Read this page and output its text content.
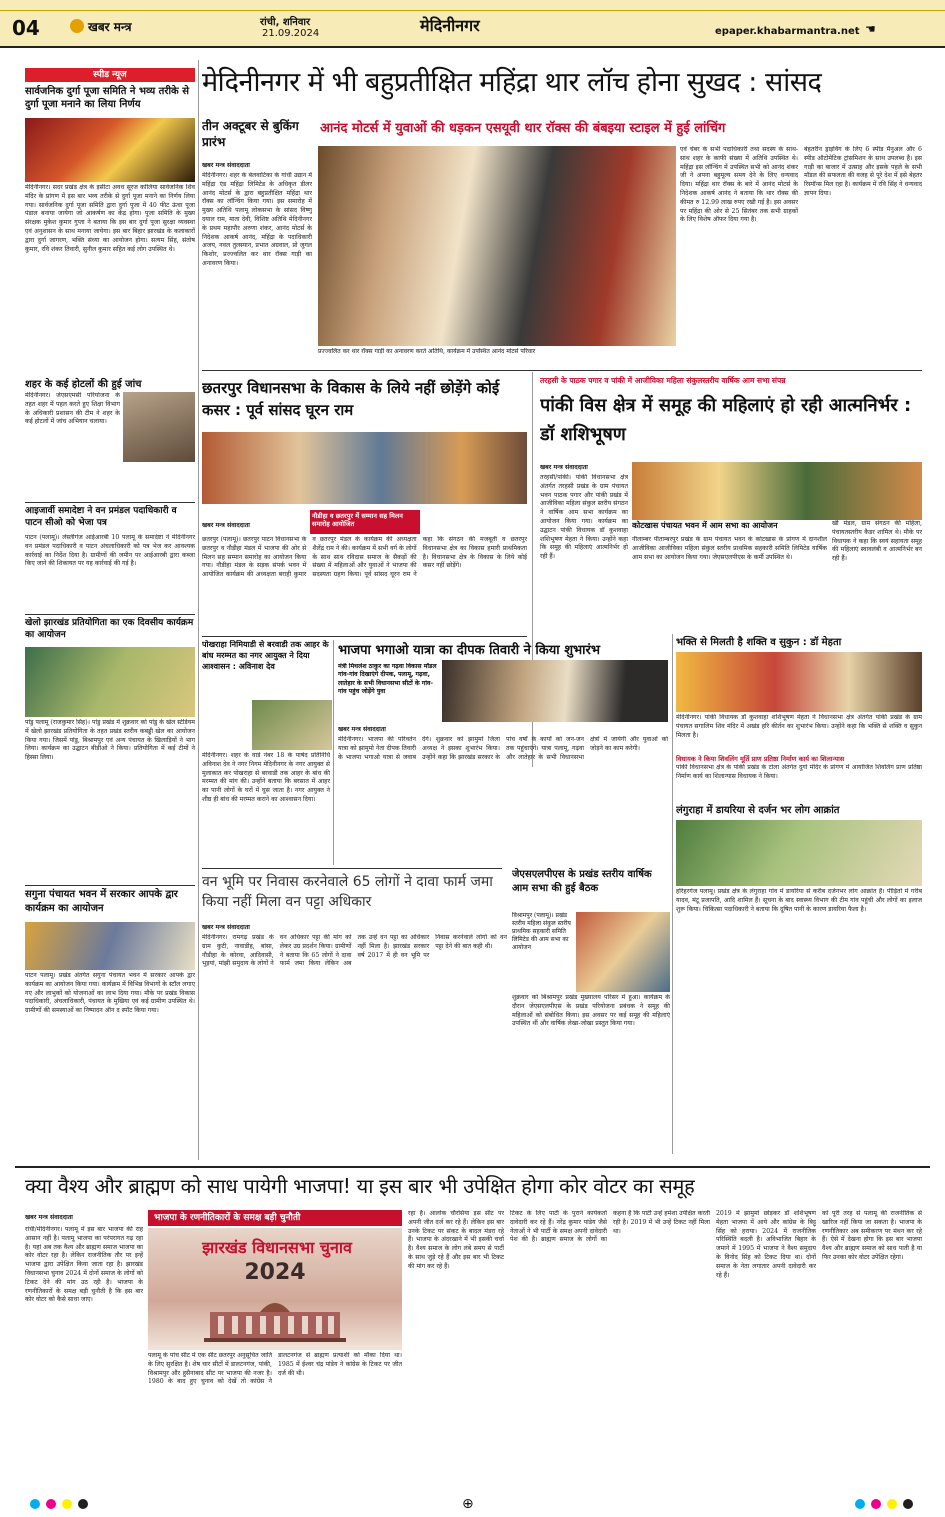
04	खबर मन्त्र	रांची, शनिवार
21.09.2024	मेदिनीनगर	epaper.khabarmantra.net ☚
स्पीड न्यूज
सार्वजनिक दुर्गा पूजा समिति ने भव्य तरीके से दुर्गा पूजा मनाने का लिया निर्णय
मेदिनीनगर। सदर प्रखंड क्षेत्र के इसीटा अवध सूरज कोलिया सार्वजनिक शिव मंदिर के प्रांगण में इस बार भव्य तरीके से दुर्गा पूजा मनाने का निर्णय लिया गया। सार्वजनिक दुर्गा पूजा समिति द्वारा दुर्गा पूजा में 40 फीट ऊंचा पूजा पंडाल बनाया जायेगा जो आकर्षण का केंद्र होगा। पूजा समिति के मुख्य संरक्षक मुकेश कुमार गुप्ता ने बताया कि इस बार दुर्गा पूजा सुरक्षा व्यवस्था एवं अनुशासन के साथ मनाया जायेगा। इस बार बिहार झारखंड के कलाकारों द्वारा दुर्गा जागरण, भक्ति संध्या का आयोजन होगा। सत्यम सिंह, संतोष कुमार, रवि शंकर तिवारी, सुनील कुमार सहित कई लोग उपस्थित थे।
शहर के कई होटलों की हुई जांच
मेदिनीनगर। जेएसएमसी परियोजना के तहत शहर में पहल करते हुए शिक्षा विभाग के अधिकारी प्रशासन की टीम ने शहर के कई होटलों में जांच अभियान चलाया।
आइजार्वी समादेष्टा ने वन प्रमंडल पदाधिकारी व पाटन सीओ को भेजा पत्र
पाटन (पलामू)। लेस्लीगंज आईआरबी 10 पलामू के समादेष्टा ने मेदिनीनगर वन प्रमंडल पदाधिकारी व पाटन अंचलाधिकारी को पत्र भेज कर आवश्यक कार्रवाई का निर्देश दिया है। ग्रामीणों की जमीन पर आईआरबी द्वारा कब्जा किए जाने की शिकायत पर यह कार्रवाई की गई है।
खेलो झारखंड प्रतियोगिता का एक दिवसीय कार्यक्रम का आयोजन
पांडु पलामू (राजकुमार सिंह)। पांडु प्रखंड में शुक्रवार को पांडु के खेल स्टेडियम में खेलो झारखंड प्रतियोगिता के तहत प्रखंड स्तरीय कबड्डी खेल का आयोजन किया गया। जिसमें पांडु, बिश्रामपुर एवं अन्य पंचायत के खिलाड़ियों ने भाग लिया। कार्यक्रम का उद्घाटन बीडीओ ने किया। प्रतियोगिता में कई टीमों ने हिस्सा लिया।
सगुना पंचायत भवन में सरकार आपके द्वार कार्यक्रम का आयोजन
पाटन पलामू। प्रखंड अंतर्गत सगुना पंचायत भवन में सरकार आपके द्वार कार्यक्रम का आयोजन किया गया। कार्यक्रम में विभिन्न विभागों के स्टॉल लगाए गए और लाभुकों को योजनाओं का लाभ दिया गया। मौके पर प्रखंड विकास पदाधिकारी, अंचलाधिकारी, पंचायत के मुखिया एवं कई ग्रामीण उपस्थित थे। ग्रामीणों की समस्याओं का निष्पादन ऑन द स्पॉट किया गया।
मेदिनीनगर में भी बहुप्रतीक्षित महिंद्रा थार लॉच होना सुखद : सांसद
तीन अक्टूबर से बुकिंग प्रारंभ
आनंद मोटर्स में युवाओं की धड़कन एसयूवी थार रॉक्स की बंबइया स्टाइल में हुई लांचिंग
खबर मन्त्र संवाददाता
मेदिनीनगर। शहर के बेलवाटिका के गांधी उद्यान में महिंद्रा एंड महिंद्रा लिमिटेड के अधिकृत डीलर आनंद मोटर्स के द्वारा बहुप्रतीक्षित महिंद्रा थार रॉक्स का लॉन्चिंग किया गया। इस समारोह में मुख्य अतिथि पलामू लोकसभा के सांसद विष्णु दयाल राम, माता देवी, विशिष्ट अतिथि मेदिनीनगर के प्रथम महापौर अरुणा शंकर, आनंद मोटर्स के निदेशक आकर्ष आनंद, महिंद्रा के पदाधिकारी अजय, नवल तुलस्यान, प्रभात अग्रवाल, प्रो जुगल किशोर, प्रज्ज्वलित कर थार रॉक्स गाड़ी का अनावरण किया।
प्रज्ज्वलित कर थार रॉक्स गाड़ी का अनावरण करते अतिथि, कार्यक्रम में उपस्थित आनंद मोटर्स परिवार
एवं चेंबर के सभी पदाधिकारी तथा सदस्य के साथ-साथ शहर के काफी संख्या में अतिथि उपस्थित थे। महिंद्रा इस लॉन्चिंग में उपस्थित सभी को आनंद शंकर जी ने अपना बहुमूल्य समय देने के लिए धन्यवाद दिया। महिंद्रा थार रॉक्स के बारे में आनंद मोटर्स के निदेशक आकर्ष आनंद ने बताया कि थार रॉक्स की कीमत रु 12.99 लाख रुपए रखी गई है। इस अवसर पर महिंद्रा की ओर से 25 सितंबर तक सभी ग्राहकों के लिए विशेष ऑफर दिया गया है।
बेहतरीन ड्राइविंग के लिए 6 स्पीड मैनुअल और 6 स्पीड ऑटोमेटिक ट्रांसमिशन के साथ उपलब्ध है। इस गाड़ी का बाजार में उत्साह और इसके पहले के सभी मॉडल की सफलता की वजह से पूरे देश में इसे बेहतर रिस्पॉन्स मिल रहा है। कार्यक्रम में रवि सिंह ने धन्यवाद ज्ञापन दिया।
छतरपुर विधानसभा के विकास के लिये नहीं छोड़ेंगे कोई कसर : पूर्व सांसद घूरन राम
नौडीहा व छतरपुर में सम्मान सह मिलन समारोह आयोजित
खबर मन्त्र संवाददाता
छतरपुर (पलामू)। छतरपुर पाटन विधानसभा के छतरपुर व नौडीहा मंडल में भाजपा की ओर से मिलन सह सम्मान समारोह का आयोजन किया गया। नौडीहा मंडल के सड़क संपर्क भवन में आयोजित कार्यक्रम की अध्यक्षता बराही कुमार व छतरपुर मंडल के कार्यक्रम की अध्यक्षता शैलेंद्र राम ने की। कार्यक्रम में सभी वर्ग के लोगों के साथ साथ रविदास समाज के सैकड़ों की संख्या में महिलाओं और युवाओं ने भाजपा की सदस्यता ग्रहण किया। पूर्व सांसद घूरन राम ने कहा कि संगठन की मजबूती व छतरपुर विधानसभा क्षेत्र का विकास हमारी प्राथमिकता है। विधानसभा क्षेत्र के विकास के लिये कोई कसर नहीं छोड़ेंगे।
तरहसी के पाठक पगार व पांकी में आजीविका महिला संकुलस्तरीय वार्षिक आम सभा संपन्न
पांकी विस क्षेत्र में समूह की महिलाएं हो रही आत्मनिर्भर : डॉ शशिभूषण
खबर मन्त्र संवाददाता
तरहसी/पांकी। पांकी विधानसभा क्षेत्र अंतर्गत तरहसी प्रखंड के ग्राम पंचायत भवन पाठक पगार और पांकी प्रखंड में आजीविका महिला संकुल स्तरीय संगठन ने वार्षिक आम सभा कार्यक्रम का आयोजन किया गया। कार्यक्रम का उद्घाटन पांकी विधायक डॉ कुशवाहा शशिभूषण मेहता ने किया। उन्होंने कहा कि समूह की महिलाएं आत्मनिर्भर हो रही हैं।
कोटखास पंचायत भवन में आम सभा का आयोजन
नीलाम्बर पीताम्बरपुर प्रखंड के ग्राम पंचायत भवन के कोटखास के प्रांगण में दानशील आजीविका आजीविका महिला संकुल स्तरीय प्राथमिक सहकारी समिति लिमिटेड वार्षिक आम सभा का आयोजन किया गया। जेएसएलपीएस के कर्मी उपस्थित थे।
खी मंडल, ग्राम संगठन की महिला, पंचायतस्तरीय कैडर शामिल थे। मौके पर विधायक ने कहा कि स्वयं सहायता समूह की महिलाएं स्वावलंबी व आत्मनिर्भर बन रही हैं।
पोखराहा निमियाडी से बरवाडी तक आहर के बांध मरम्मत का नगर आयुक्त ने दिया आश्वासन : अविनाश देव
मेदिनीनगर। शहर के वार्ड नंबर 18 के पार्षद प्रतिनिधि अविनाश देव ने नगर निगम मेदिनीनगर के नगर आयुक्त से मुलाकात कर पोखराहा से बरवाडी तक आहर के बांध की मरम्मत की मांग की। उन्होंने बताया कि बरसात में आहर का पानी लोगों के घरों में घुस जाता है। नगर आयुक्त ने शीघ्र ही बांध की मरम्मत कराने का आश्वासन दिया।
भाजपा भगाओ यात्रा का दीपक तिवारी ने किया शुभारंभ
मंत्री मिथलेश ठाकुर का गढ़वा विकास मॉडल गांव-गांव दिखाएंगे दीपक, पलामू, गढ़वा, लातेहार के सभी विधानसभा सीटों के गांव-गांव पहुंच जोड़ेंगे युवा
खबर मन्त्र संवाददाता
मेदिनीनगर। भाजपा की परिवर्तन यात्रा को झामुमो नेता दीपक तिवारी के भाजपा भगाओ यात्रा से जवाब देंगे। शुक्रवार को झामुमो जिला अध्यक्ष ने इसका शुभारंभ किया। उन्होंने कहा कि झारखंड सरकार के पांच वर्षों के कार्यों को जन-जन तक पहुंचाएंगे। यात्रा पलामू, गढ़वा और लातेहार के सभी विधानसभा क्षेत्रों में जायेगी और युवाओं को जोड़ने का काम करेगी।
भक्ति से मिलती है शक्ति व सुकुन : डॉ मेहता
मेदिनीनगर। पांकी विधायक डॉ कुशवाहा शशिभूषण मेहता ने विधानसभा क्षेत्र अंतर्गत पांकी प्रखंड के ग्राम पंचायत सगालिम शिव मंदिर में अखंड हरि कीर्तन का शुभारंभ किया। उन्होंने कहा कि भक्ति से शक्ति व सुकुन मिलता है।
विधायक ने किया शिवलिंग मूर्ति प्राण प्रतिष्ठा निर्माण कार्य का शिलान्यास
पांकी विधानसभा क्षेत्र के पांकी प्रखंड के टोला अंतर्गत दुर्गा मंदिर के प्रांगण में आयोजित शिवलिंग प्राण प्रतिष्ठा निर्माण कार्य का शिलान्यास विधायक ने किया।
लंगुराहा में डायरिया से दर्जन भर लोग आक्रांत
हरिहरगंज पलामू। प्रखंड क्षेत्र के लंगुराहा गांव में डायरिया से करीब दर्जनभर लोग आक्रांत हैं। पीड़ितों में गरीब यादव, मंटू प्रजापति, आदि शामिल हैं। सूचना के बाद स्वास्थ्य विभाग की टीम गांव पहुंची और लोगों का इलाज शुरू किया। चिकित्सा पदाधिकारी ने बताया कि दूषित पानी के कारण डायरिया फैला है।
वन भूमि पर निवास करनेवाले 65 लोगों ने दावा फार्म जमा किया नहीं मिला वन पट्टा अधिकार
खबर मन्त्र संवाददाता
मेदिनीनगर। रामगढ़ प्रखंड के ग्राम कुटी, नावाडीह, बांसा, नौडीहा के कोरवा, आदिवासी, भुइयां, मांझी समुदाय के लोगों ने वन अधिकार पट्टा की मांग को लेकर उग्र प्रदर्शन किया। ग्रामीणों ने बताया कि 65 लोगों ने दावा फार्म जमा किया लेकिन अब तक उन्हें वन पट्टा का अधिकार नहीं मिला है। झारखंड सरकार वर्ष 2017 में ही वन भूमि पर निवास करनेवाले लोगों को वन पट्टा देने की बात कही थी।
जेएसएलपीएस के प्रखंड स्तरीय वार्षिक आम सभा की हुई बैठक
विश्रामपुर (पलामू)। प्रखंड स्तरीय महिला संकुल स्तरीय प्राथमिक सहकारी समिति लिमिटेड की आम सभा का आयोजन
शुक्रवार को बिश्रामपुर प्रखंड मुख्यालय परिसर में हुआ। कार्यक्रम के दौरान जेएसएलपीएस के प्रखंड परियोजना प्रबंधक ने समूह की महिलाओं को संबोधित किया। इस अवसर पर कई समूह की महिलाएं उपस्थित थीं और वार्षिक लेखा-जोखा प्रस्तुत किया गया।
क्या वैश्य और ब्राह्मण को साध पायेगी भाजपा! या इस बार भी उपेक्षित होगा कोर वोटर का समूह
खबर मन्त्र संवाददाता
रांची/मेदिनीनगर। पलामू में इस बार भाजपा की राह आसान नहीं है। पलामू भाजपा का परंपरागत गढ़ रहा है। यहां अब तक वैश्य और ब्राह्मण समाज भाजपा का कोर वोटर रहा है। लेकिन राजनीतिक तौर पर इन्हें भाजपा द्वारा उपेक्षित किया जाता रहा है। झारखंड विधानसभा चुनाव 2024 में दोनों समाज के लोगों को टिकट देने की मांग उठ रही है। भाजपा के रणनीतिकारों के समक्ष बड़ी चुनौती है कि इस बार कोर वोटर को कैसे साधा जाए।
भाजपा के रणनीतिकारों के समक्ष बड़ी चुनौती
झारखंड विधानसभा चुनाव
2024
पलामू के पांच सीट में एक सीट छतरपुर अनुसूचित जाति के लिए सुरक्षित है। शेष चार सीटों में डालटनगंज, पांकी, विश्रामपुर और हुसैनाबाद सीट पर भाजपा की नजर है। 1980 के बाद हुए चुनाव को देखें तो कांग्रेस ने डालटनगंज से ब्राह्मण प्रत्याशी को मौका दिया था। 1985 में ईश्वर चंद्र पांडेय ने कांग्रेस के टिकट पर जीत दर्ज की थी।
रहा है। आलोक चौरसिया इस सीट पर अपनी जीत दर्ज कर रहे हैं। लेकिन इस बार उनके टिकट पर संकट के बादल मंडरा रहे हैं। भाजपा के अंदरखाने में भी इसकी चर्चा है। वैश्य समाज के लोग लंबे समय से पार्टी के साथ जुड़े रहे हैं और इस बार भी टिकट की मांग कर रहे हैं।
टिकट के लिए पार्टी के पुराने कार्यकर्ता दावेदारी कर रहे हैं। नरेंद्र कुमार पांडेय जैसे नेताओं ने भी पार्टी के समक्ष अपनी दावेदारी पेश की है। ब्राह्मण समाज के लोगों का कहना है कि पार्टी उन्हें हमेशा उपेक्षित करती रही है। 2019 में भी उन्हें टिकट नहीं मिला था।
2019 में झामुमो छोड़कर डॉ शशिभूषण मेहता भाजपा में आये और कांग्रेस के बिट्टू सिंह को हराया। 2024 में राजनीतिक परिस्थिति बदली है। अविभाजित बिहार के जमाने में 1995 में भाजपा ने वैश्य समुदाय के विनोद सिंह को टिकट दिया था। दोनों समाज के नेता लगातार अपनी दावेदारी कर रहे हैं।
को पूरी तरह से पलामू की राजनीतिक से खारिज नहीं किया जा सकता है। भाजपा के रणनीतिकार अब समीकरण पर मंथन कर रहे हैं। ऐसे में देखना होगा कि इस बार भाजपा वैश्य और ब्राह्मण समाज को साध पाती है या फिर उनका कोर वोटर उपेक्षित रहेगा।
⊕
